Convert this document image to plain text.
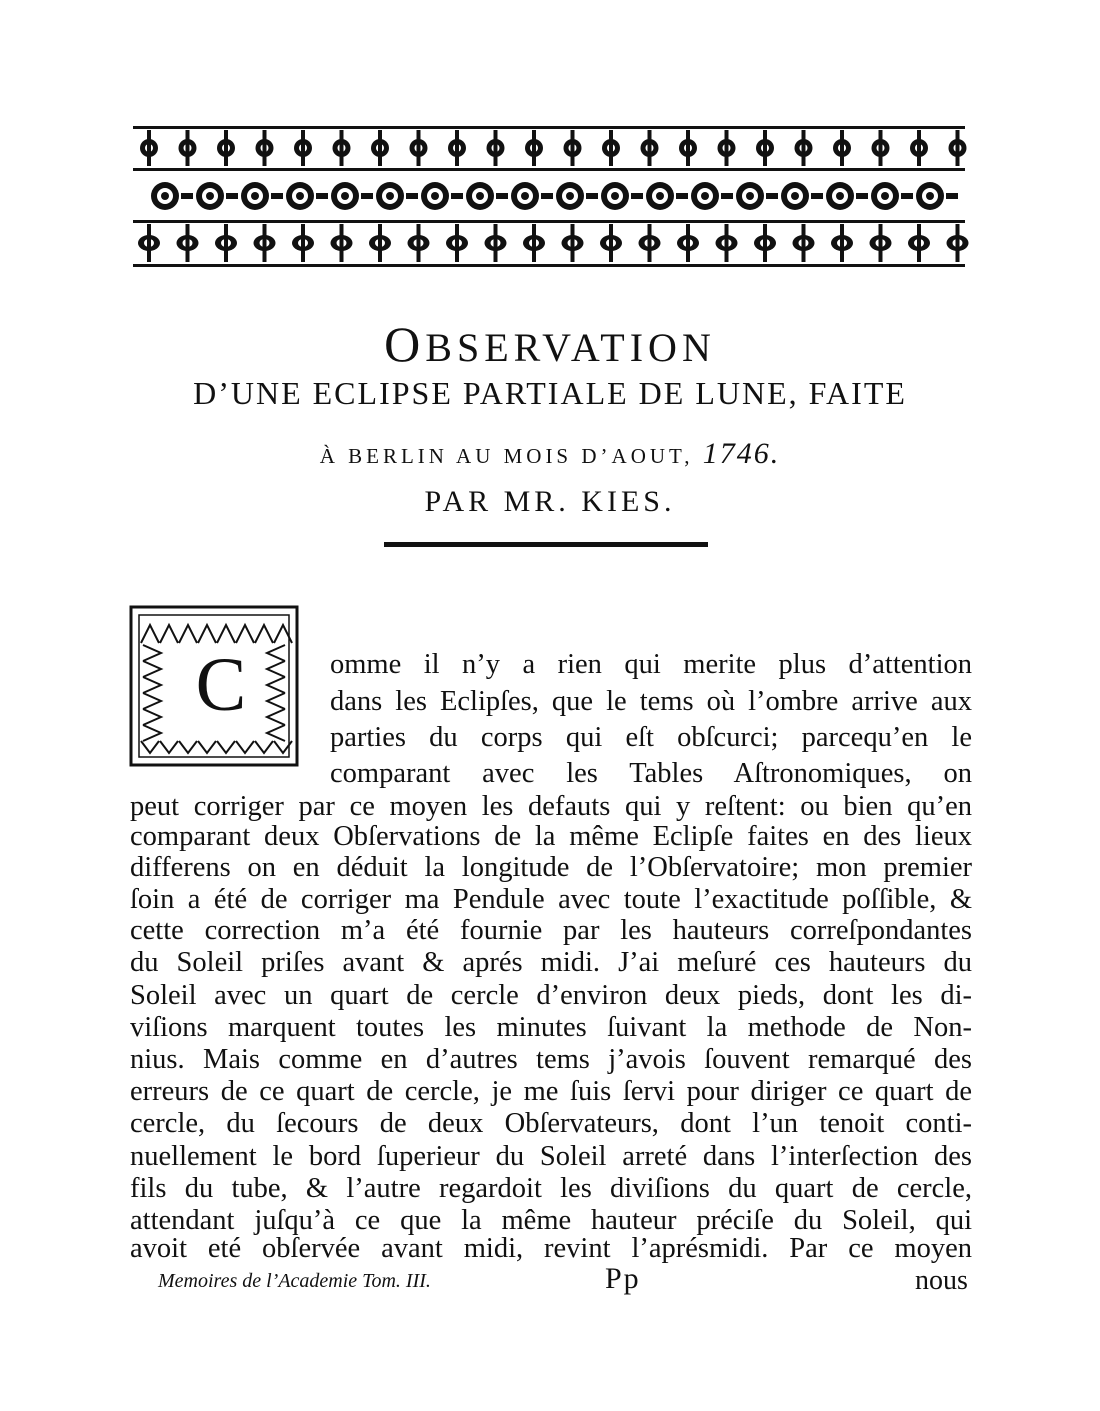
OBSERVATION
D’UNE ECLIPSE PARTIALE DE LUNE, FAITE
À BERLIN AU MOIS D’AOUT, 1746.
PAR MR. KIES.
C	omme il n’y a rien qui merite plus d’attention
dans les Eclipſes, que le tems où l’ombre arrive aux
parties du corps qui eſt obſcurci; parcequ’en le
comparant avec les Tables Aſtronomiques, on
peut corriger par ce moyen les defauts qui y reſtent: ou bien qu’en
comparant deux Obſervations de la même Eclipſe faites en des lieux
differens on en déduit la longitude de l’Obſervatoire; mon premier
ſoin a été de corriger ma Pendule avec toute l’exactitude poſſible, &
cette correction m’a été fournie par les hauteurs correſpondantes
du Soleil priſes avant & aprés midi. J’ai meſuré ces hauteurs du
Soleil avec un quart de cercle d’environ deux pieds, dont les di-
viſions marquent toutes les minutes ſuivant la methode de Non-
nius. Mais comme en d’autres tems j’avois ſouvent remarqué des
erreurs de ce quart de cercle, je me ſuis ſervi pour diriger ce quart de
cercle, du ſecours de deux Obſervateurs, dont l’un tenoit conti-
nuellement le bord ſuperieur du Soleil arreté dans l’interſection des
fils du tube, & l’autre regardoit les diviſions du quart de cercle,
attendant juſqu’à ce que la même hauteur préciſe du Soleil, qui
avoit eté obſervée avant midi, revint l’aprésmidi. Par ce moyen
Memoires de l’Academie Tom. III.	Pp	nous
